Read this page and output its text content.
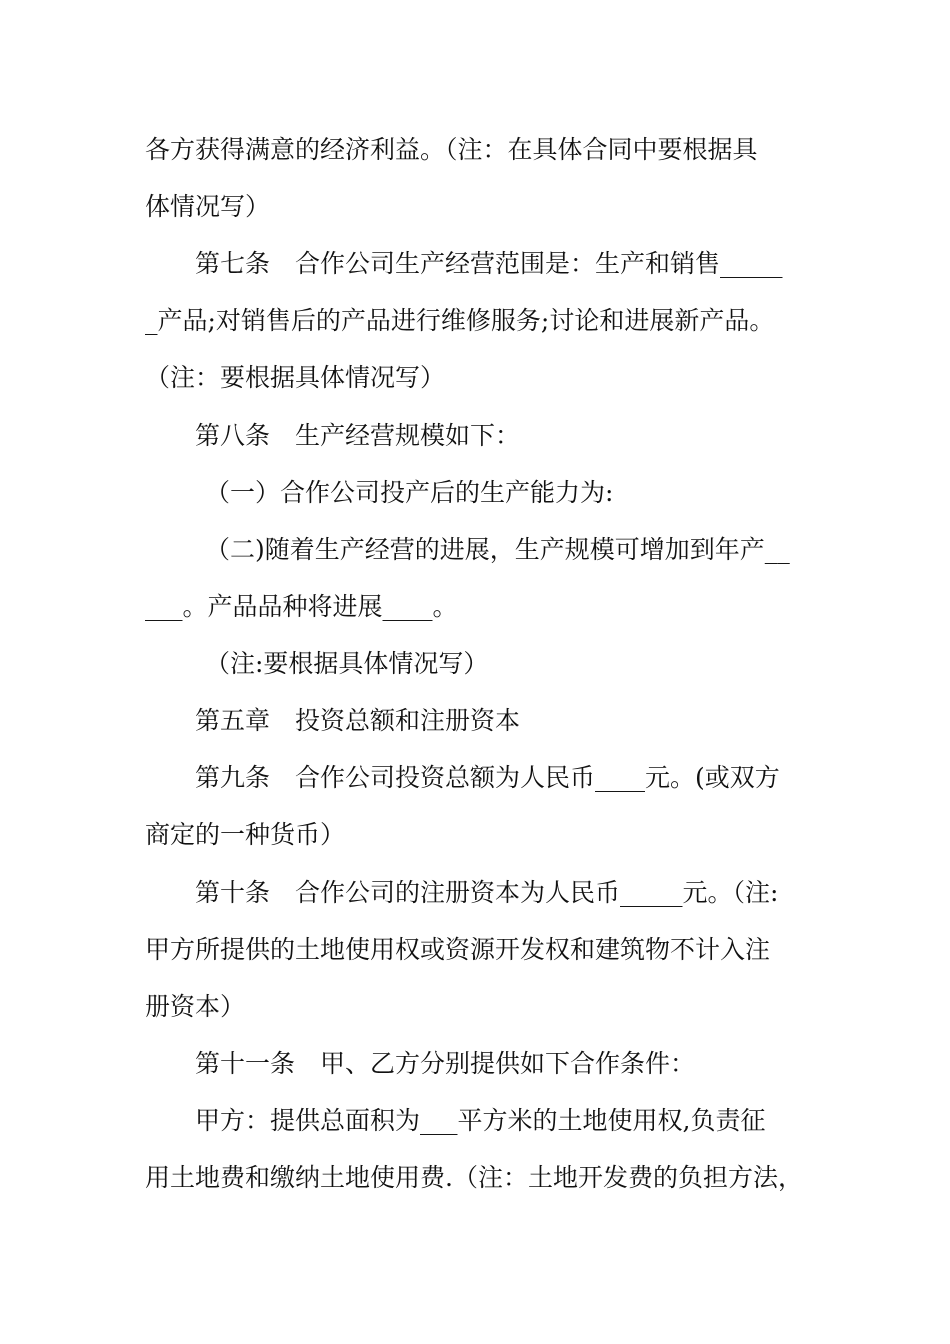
各方获得满意的经济利益。（注：在具体合同中要根据具
体情况写）
第七条　合作公司生产经营范围是：生产和销售_____
_产品;对销售后的产品进行维修服务;讨论和进展新产品。
（注：要根据具体情况写）
第八条　生产经营规模如下：
（一）合作公司投产后的生产能力为:
（二)随着生产经营的进展，生产规模可增加到年产__
___。产品品种将进展____。
（注:要根据具体情况写）
第五章　投资总额和注册资本
第九条　合作公司投资总额为人民币____元。(或双方
商定的一种货币）
第十条　合作公司的注册资本为人民币_____元。（注:
甲方所提供的土地使用权或资源开发权和建筑物不计入注
册资本）
第十一条　甲、乙方分别提供如下合作条件：
甲方：提供总面积为___平方米的土地使用权,负责征
用土地费和缴纳土地使用费.（注：土地开发费的负担方法，
